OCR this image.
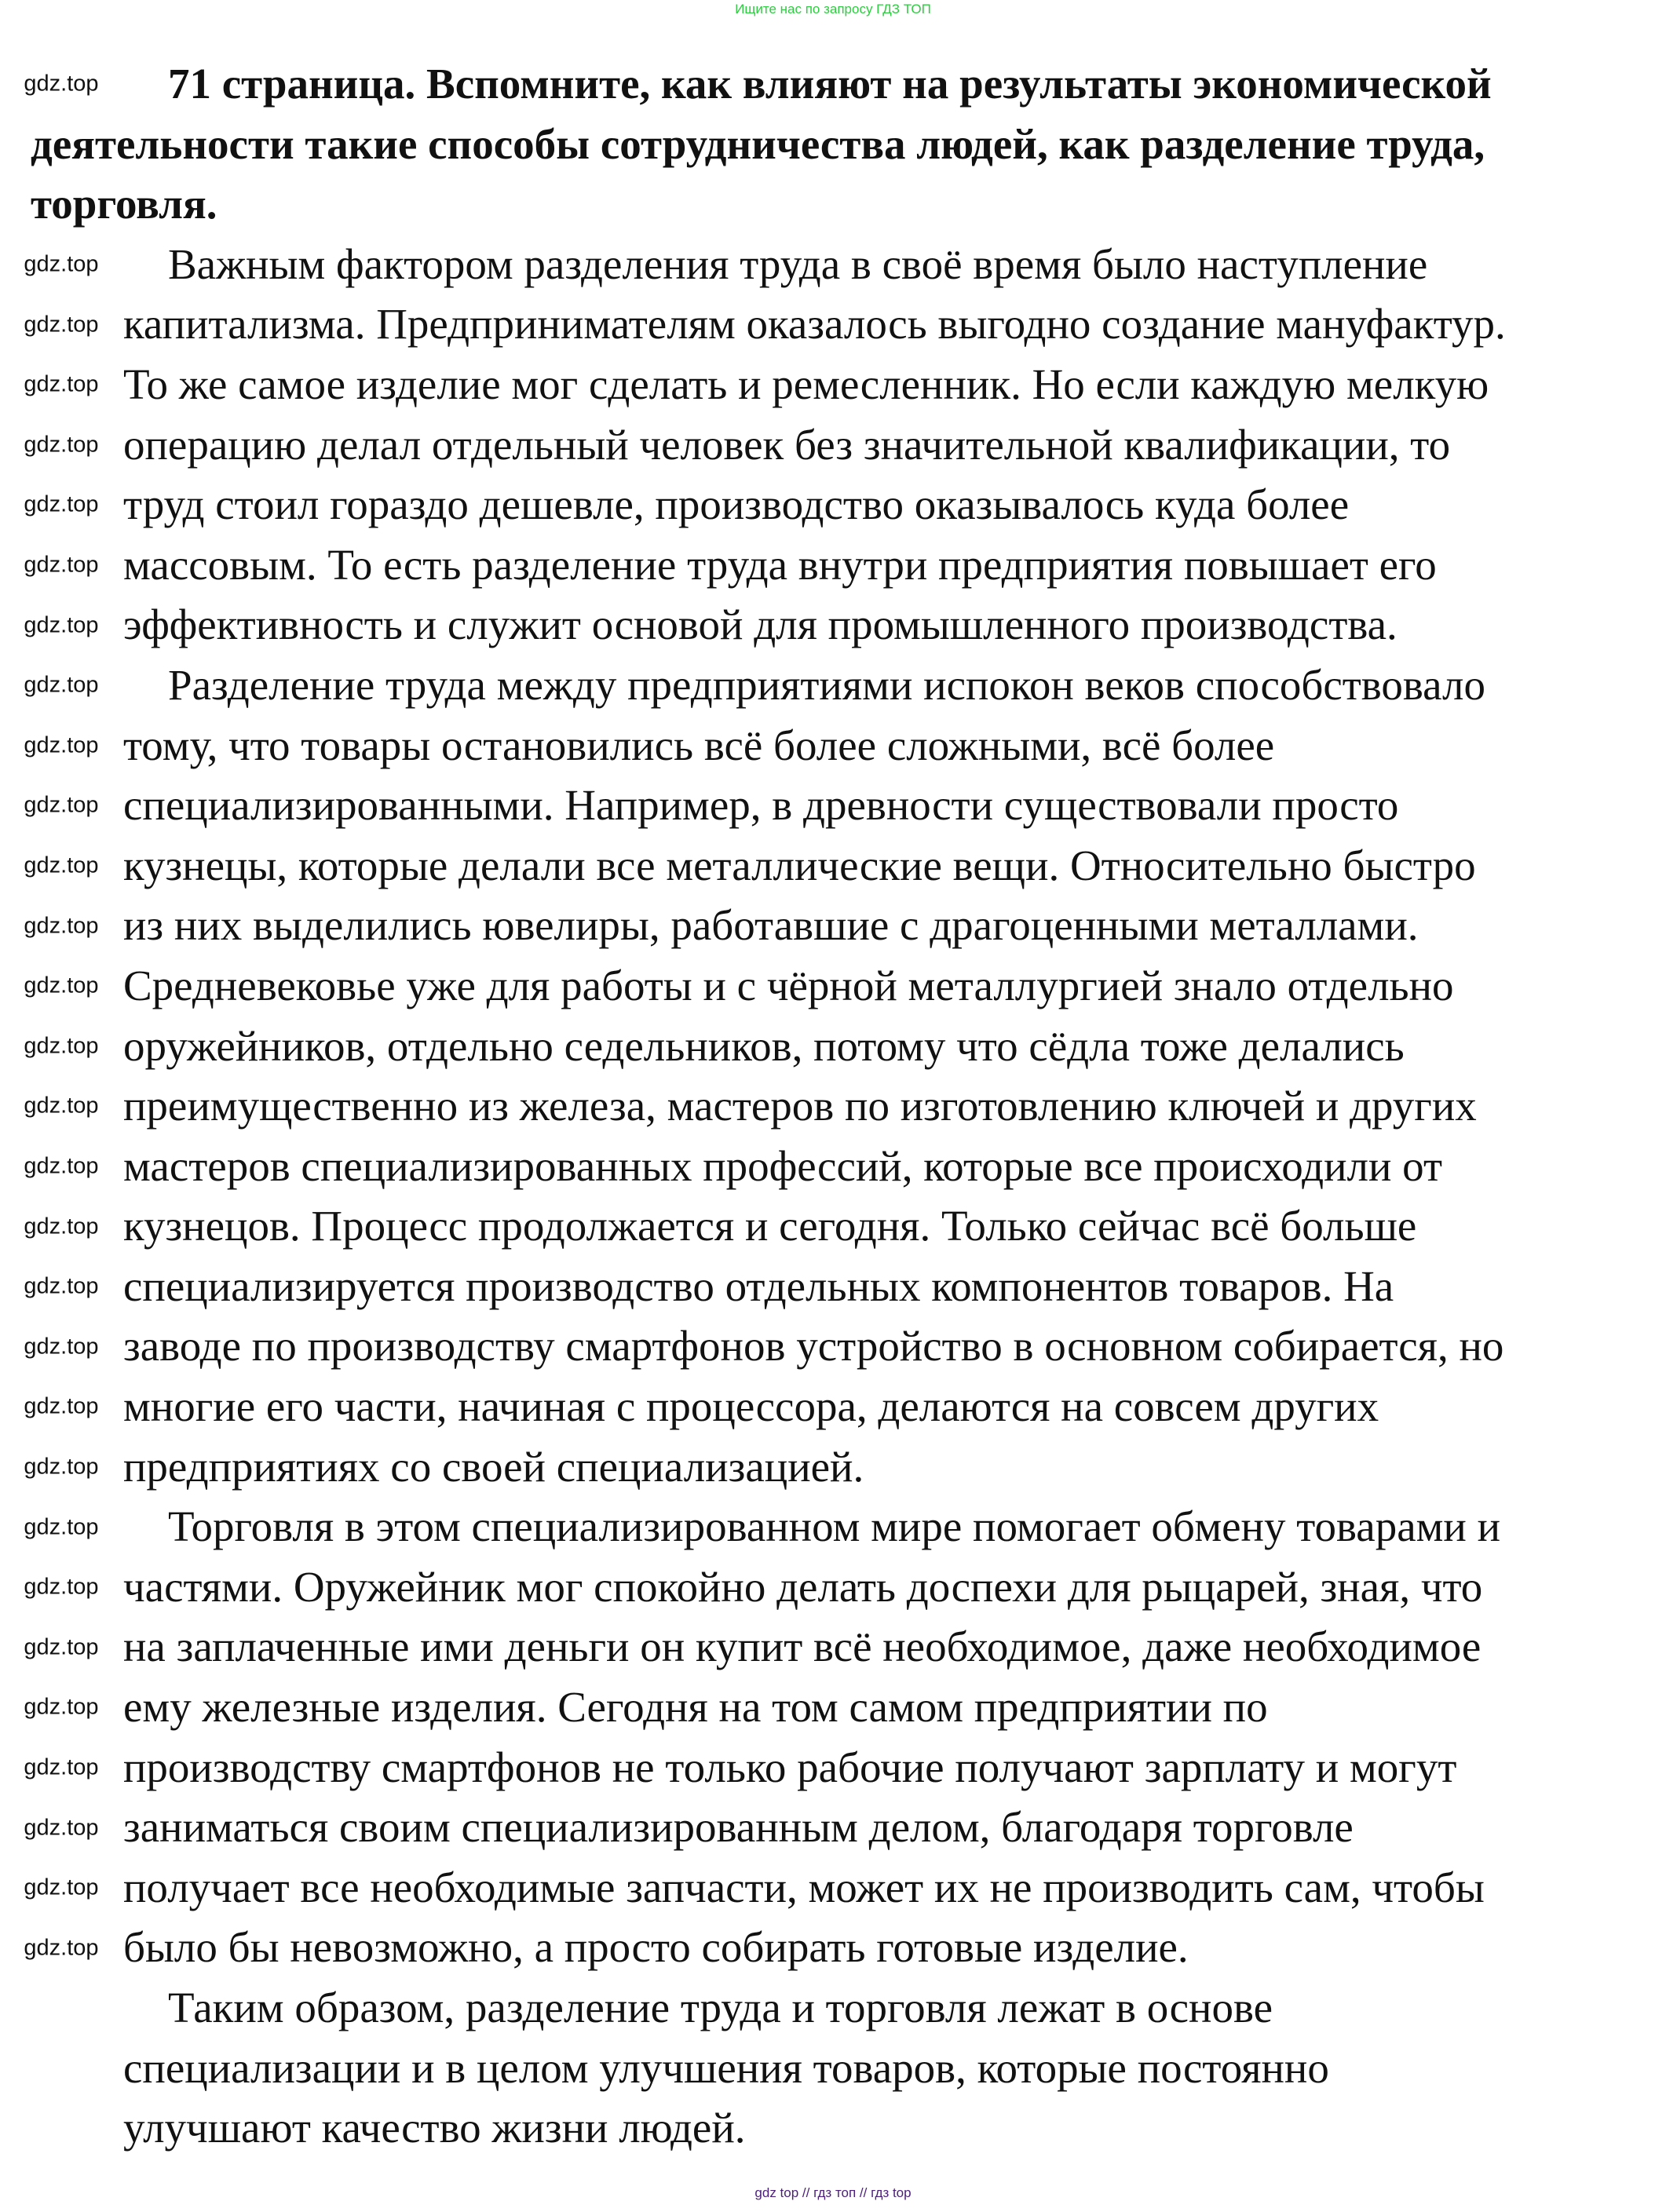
Ищите нас по запросу ГДЗ ТОП
71 страница. Вспомните, как влияют на результаты экономической
деятельности такие способы сотрудничества людей, как разделение труда,
торговля.
Важным фактором разделения труда в своё время было наступление
капитализма. Предпринимателям оказалось выгодно создание мануфактур.
То же самое изделие мог сделать и ремесленник. Но если каждую мелкую
операцию делал отдельный человек без значительной квалификации, то
труд стоил гораздо дешевле, производство оказывалось куда более
массовым. То есть разделение труда внутри предприятия повышает его
эффективность и служит основой для промышленного производства.
Разделение труда между предприятиями испокон веков способствовало
тому, что товары остановились всё более сложными, всё более
специализированными. Например, в древности существовали просто
кузнецы, которые делали все металлические вещи. Относительно быстро
из них выделились ювелиры, работавшие с драгоценными металлами.
Средневековье уже для работы и с чёрной металлургией знало отдельно
оружейников, отдельно седельников, потому что сёдла тоже делались
преимущественно из железа, мастеров по изготовлению ключей и других
мастеров специализированных профессий, которые все происходили от
кузнецов. Процесс продолжается и сегодня. Только сейчас всё больше
специализируется производство отдельных компонентов товаров. На
заводе по производству смартфонов устройство в основном собирается, но
многие его части, начиная с процессора, делаются на совсем других
предприятиях со своей специализацией.
Торговля в этом специализированном мире помогает обмену товарами и
частями. Оружейник мог спокойно делать доспехи для рыцарей, зная, что
на заплаченные ими деньги он купит всё необходимое, даже необходимое
ему железные изделия. Сегодня на том самом предприятии по
производству смартфонов не только рабочие получают зарплату и могут
заниматься своим специализированным делом, благодаря торговле
получает все необходимые запчасти, может их не производить сам, чтобы
было бы невозможно, а просто собирать готовые изделие.
Таким образом, разделение труда и торговля лежат в основе
специализации и в целом улучшения товаров, которые постоянно
улучшают качество жизни людей.
gdz.top
gdz.top
gdz.top
gdz.top
gdz.top
gdz.top
gdz.top
gdz.top
gdz.top
gdz.top
gdz.top
gdz.top
gdz.top
gdz.top
gdz.top
gdz.top
gdz.top
gdz.top
gdz.top
gdz.top
gdz.top
gdz.top
gdz.top
gdz.top
gdz.top
gdz.top
gdz.top
gdz.top
gdz.top
gdz.top
gdz top // гдз топ // гдз top
